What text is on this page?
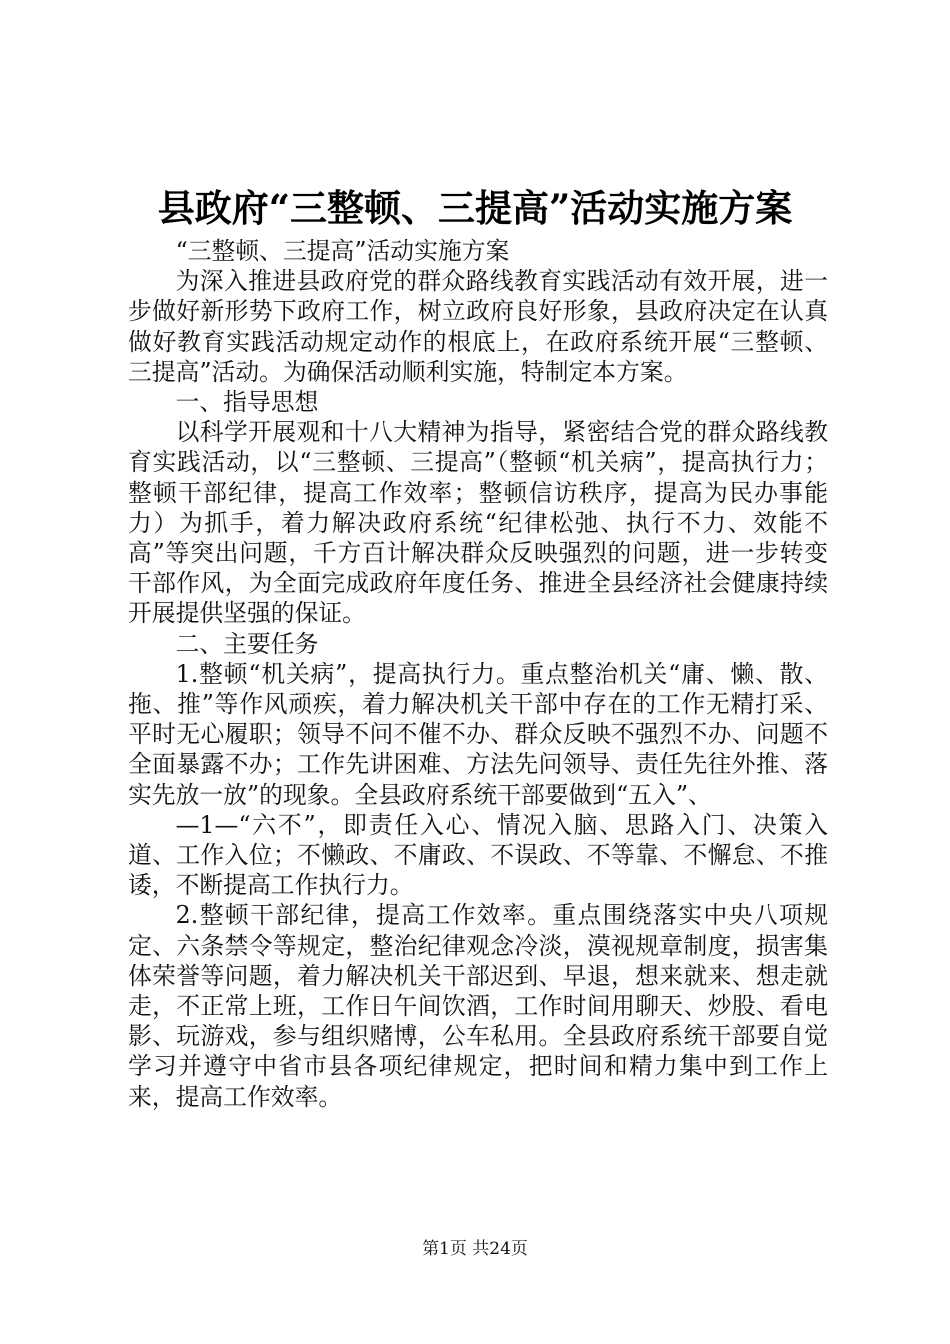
县政府“三整顿、三提高”活动实施方案

“三整顿、三提高”活动实施方案

为深入推进县政府党的群众路线教育实践活动有效开展，进一步做好新形势下政府工作，树立政府良好形象，县政府决定在认真做好教育实践活动规定动作的根底上，在政府系统开展“三整顿、三提高”活动。为确保活动顺利实施，特制定本方案。

一、指导思想

以科学开展观和十八大精神为指导，紧密结合党的群众路线教育实践活动，以“三整顿、三提高”（整顿“机关病”，提高执行力；整顿干部纪律，提高工作效率；整顿信访秩序，提高为民办事能力）为抓手，着力解决政府系统“纪律松弛、执行不力、效能不高”等突出问题，千方百计解决群众反映强烈的问题，进一步转变干部作风，为全面完成政府年度任务、推进全县经济社会健康持续开展提供坚强的保证。

二、主要任务

1.整顿“机关病”，提高执行力。重点整治机关“庸、懒、散、拖、推”等作风顽疾，着力解决机关干部中存在的工作无精打采、平时无心履职；领导不问不催不办、群众反映不强烈不办、问题不全面暴露不办；工作先讲困难、方法先问领导、责任先往外推、落实先放一放”的现象。全县政府系统干部要做到“五入”、

—1—“六不”，即责任入心、情况入脑、思路入门、决策入道、工作入位；不懒政、不庸政、不误政、不等靠、不懈怠、不推诿，不断提高工作执行力。

2.整顿干部纪律，提高工作效率。重点围绕落实中央八项规定、六条禁令等规定，整治纪律观念冷淡，漠视规章制度，损害集体荣誉等问题，着力解决机关干部迟到、早退，想来就来、想走就走，不正常上班，工作日午间饮酒，工作时间用聊天、炒股、看电影、玩游戏，参与组织赌博，公车私用。全县政府系统干部要自觉学习并遵守中省市县各项纪律规定，把时间和精力集中到工作上来，提高工作效率。

第1页 共24页
